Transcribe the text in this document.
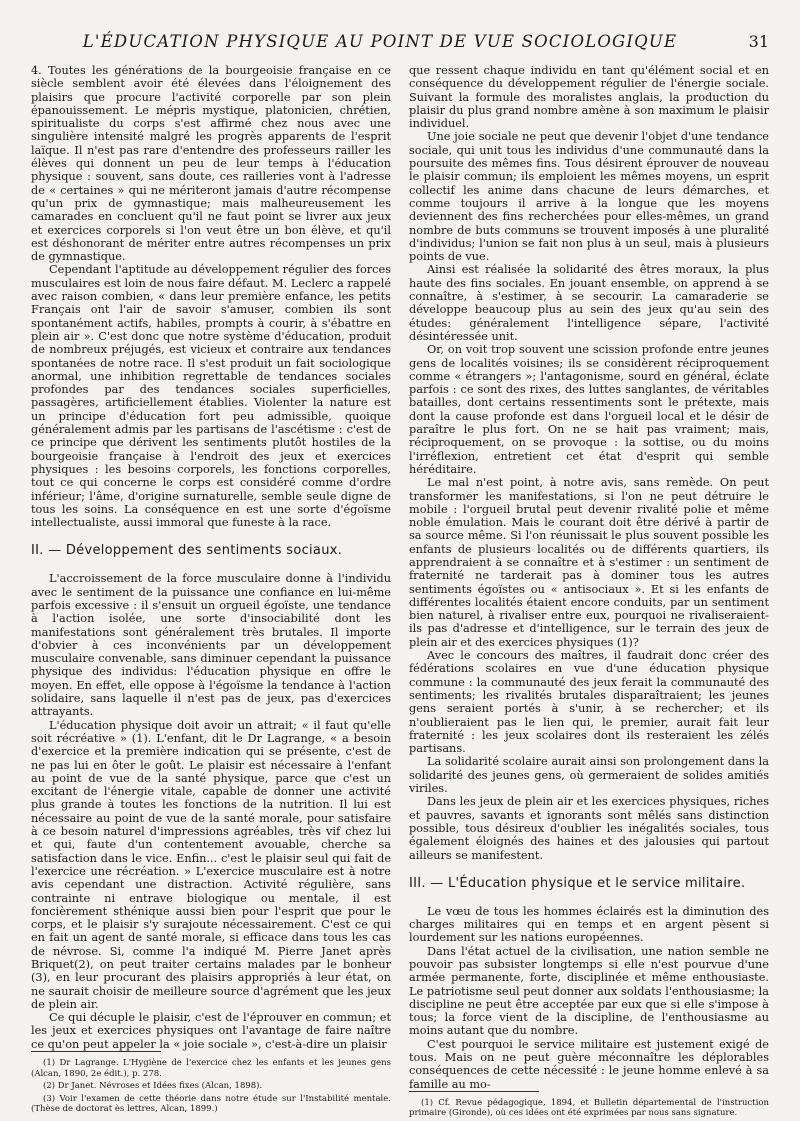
L'ÉDUCATION PHYSIQUE AU POINT DE VUE SOCIOLOGIQUE	31

4. Toutes les générations de la bourgeoisie française en ce siècle semblent avoir été élevées dans l'éloignement des plaisirs que procure l'activité corporelle par son plein épanouissement. Le mépris mystique, platonicien, chrétien, spiritualiste du corps s'est affirmé chez nous avec une singulière intensité malgré les progrès apparents de l'esprit laïque. Il n'est pas rare d'entendre des professeurs railler les élèves qui donnent un peu de leur temps à l'éducation physique : souvent, sans doute, ces railleries vont à l'adresse de « certaines » qui ne mériteront jamais d'autre récompense qu'un prix de gymnastique; mais malheureusement les camarades en concluent qu'il ne faut point se livrer aux jeux et exercices corporels si l'on veut être un bon élève, et qu'il est déshonorant de mériter entre autres récompenses un prix de gymnastique.

Cependant l'aptitude au développement régulier des forces musculaires est loin de nous faire défaut. M. Leclerc a rappelé avec raison combien, « dans leur première enfance, les petits Français ont l'air de savoir s'amuser, combien ils sont spontanément actifs, habiles, prompts à courir, à s'ébattre en plein air ». C'est donc que notre système d'éducation, produit de nombreux préjugés, est vicieux et contraire aux tendances spontanées de notre race. Il s'est produit un fait sociologique anormal, une inhibition regrettable de tendances sociales profondes par des tendances sociales superficielles, passagères, artificiellement établies. Violenter la nature est un principe d'éducation fort peu admissible, quoique généralement admis par les partisans de l'ascétisme : c'est de ce principe que dérivent les sentiments plutôt hostiles de la bourgeoisie française à l'endroit des jeux et exercices physiques : les besoins corporels, les fonctions corporelles, tout ce qui concerne le corps est considéré comme d'ordre inférieur; l'âme, d'origine surnaturelle, semble seule digne de tous les soins. La conséquence en est une sorte d'égoïsme intellectualiste, aussi immoral que funeste à la race.

II. — Développement des sentiments sociaux.

L'accroissement de la force musculaire donne à l'individu avec le sentiment de la puissance une confiance en lui-même parfois excessive : il s'ensuit un orgueil égoïste, une tendance à l'action isolée, une sorte d'insociabilité dont les manifestations sont généralement très brutales. Il importe d'obvier à ces inconvénients par un développement musculaire convenable, sans diminuer cependant la puissance physique des individus: l'éducation physique en offre le moyen. En effet, elle oppose à l'égoïsme la tendance à l'action solidaire, sans laquelle il n'est pas de jeux, pas d'exercices attrayants.

L'éducation physique doit avoir un attrait; « il faut qu'elle soit récréative » (1). L'enfant, dit le Dr Lagrange, « a besoin d'exercice et la première indication qui se présente, c'est de ne pas lui en ôter le goût. Le plaisir est nécessaire à l'enfant au point de vue de la santé physique, parce que c'est un excitant de l'énergie vitale, capable de donner une activité plus grande à toutes les fonctions de la nutrition. Il lui est nécessaire au point de vue de la santé morale, pour satisfaire à ce besoin naturel d'impressions agréables, très vif chez lui et qui, faute d'un contentement avouable, cherche sa satisfaction dans le vice. Enfin... c'est le plaisir seul qui fait de l'exercice une récréation. » L'exercice musculaire est à notre avis cependant une distraction. Activité régulière, sans contrainte ni entrave biologique ou mentale, il est foncièrement sthénique aussi bien pour l'esprit que pour le corps, et le plaisir s'y surajoute nécessairement. C'est ce qui en fait un agent de santé morale, si efficace dans tous les cas de névrose. Si, comme l'a indiqué M. Pierre Janet après Briquet(2), on peut traiter certains malades par le bonheur (3), en leur procurant des plaisirs appropriés à leur état, on ne saurait choisir de meilleure source d'agrément que les jeux de plein air.

Ce qui décuple le plaisir, c'est de l'éprouver en commun; et les jeux et exercices physiques ont l'avantage de faire naître ce qu'on peut appeler la « joie sociale », c'est-à-dire un plaisir

(1) Dr Lagrange. L'Hygiène de l'exercice chez les enfants et les jeunes gens (Alcan, 1890, 2e édit.), p. 278.

(2) Dr Janet. Névroses et Idées fixes (Alcan, 1898).

(3) Voir l'examen de cette théorie dans notre étude sur l'Instabilité mentale. (Thèse de doctorat ès lettres, Alcan, 1899.)

que ressent chaque individu en tant qu'élément social et en conséquence du développement régulier de l'énergie sociale. Suivant la formule des moralistes anglais, la production du plaisir du plus grand nombre amène à son maximum le plaisir individuel.

Une joie sociale ne peut que devenir l'objet d'une tendance sociale, qui unit tous les individus d'une communauté dans la poursuite des mêmes fins. Tous désirent éprouver de nouveau le plaisir commun; ils emploient les mêmes moyens, un esprit collectif les anime dans chacune de leurs démarches, et comme toujours il arrive à la longue que les moyens deviennent des fins recherchées pour elles-mêmes, un grand nombre de buts communs se trouvent imposés à une pluralité d'individus; l'union se fait non plus à un seul, mais à plusieurs points de vue.

Ainsi est réalisée la solidarité des êtres moraux, la plus haute des fins sociales. En jouant ensemble, on apprend à se connaître, à s'estimer, à se secourir. La camaraderie se développe beaucoup plus au sein des jeux qu'au sein des études: généralement l'intelligence sépare, l'activité désintéressée unit.

Or, on voit trop souvent une scission profonde entre jeunes gens de localités voisines; ils se considèrent réciproquement comme « étrangers »; l'antagonisme, sourd en général, éclate parfois : ce sont des rixes, des luttes sanglantes, de véritables batailles, dont certains ressentiments sont le prétexte, mais dont la cause profonde est dans l'orgueil local et le désir de paraître le plus fort. On ne se hait pas vraiment; mais, réciproquement, on se provoque : la sottise, ou du moins l'irréflexion, entretient cet état d'esprit qui semble héréditaire.

Le mal n'est point, à notre avis, sans remède. On peut transformer les manifestations, si l'on ne peut détruire le mobile : l'orgueil brutal peut devenir rivalité polie et même noble émulation. Mais le courant doit être dérivé à partir de sa source même. Si l'on réunissait le plus souvent possible les enfants de plusieurs localités ou de différents quartiers, ils apprendraient à se connaître et à s'estimer : un sentiment de fraternité ne tarderait pas à dominer tous les autres sentiments égoïstes ou « antisociaux ». Et si les enfants de différentes localités étaient encore conduits, par un sentiment bien naturel, à rivaliser entre eux, pourquoi ne rivaliseraient-ils pas d'adresse et d'intelligence, sur le terrain des jeux de plein air et des exercices physiques (1)?

Avec le concours des maîtres, il faudrait donc créer des fédérations scolaires en vue d'une éducation physique commune : la communauté des jeux ferait la communauté des sentiments; les rivalités brutales disparaîtraient; les jeunes gens seraient portés à s'unir, à se rechercher; et ils n'oublieraient pas le lien qui, le premier, aurait fait leur fraternité : les jeux scolaires dont ils resteraient les zélés partisans.

La solidarité scolaire aurait ainsi son prolongement dans la solidarité des jeunes gens, où germeraient de solides amitiés viriles.

Dans les jeux de plein air et les exercices physiques, riches et pauvres, savants et ignorants sont mêlés sans distinction possible, tous désireux d'oublier les inégalités sociales, tous également éloignés des haines et des jalousies qui partout ailleurs se manifestent.

III. — L'Éducation physique et le service militaire.

Le vœu de tous les hommes éclairés est la diminution des charges militaires qui en temps et en argent pèsent si lourdement sur les nations européennes.

Dans l'état actuel de la civilisation, une nation semble ne pouvoir pas subsister longtemps si elle n'est pourvue d'une armée permanente, forte, disciplinée et même enthousiaste. Le patriotisme seul peut donner aux soldats l'enthousiasme; la discipline ne peut être acceptée par eux que si elle s'impose à tous; la force vient de la discipline, de l'enthousiasme au moins autant que du nombre.

C'est pourquoi le service militaire est justement exigé de tous. Mais on ne peut guère méconnaître les déplorables conséquences de cette nécessité : le jeune homme enlevé à sa famille au mo-

(1) Cf. Revue pédagogique, 1894, et Bulletin départemental de l'instruction primaire (Gironde), où ces idées ont été exprimées par nous sans signature.
